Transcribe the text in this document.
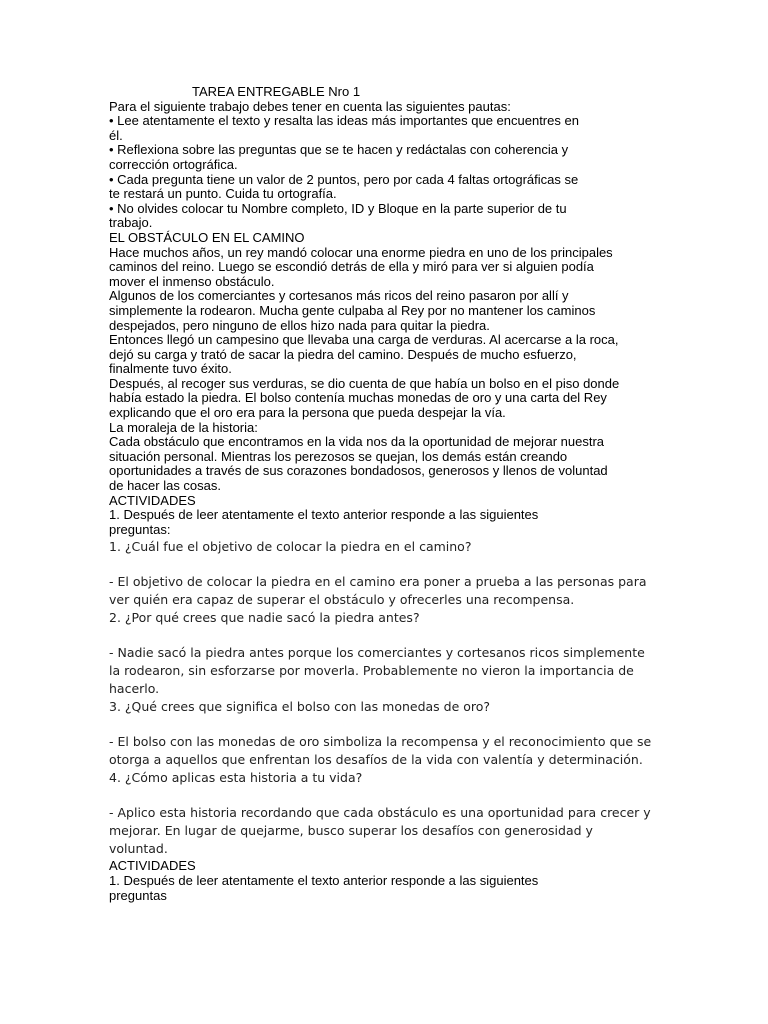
TAREA ENTREGABLE Nro 1

Para el siguiente trabajo debes tener en cuenta las siguientes pautas:

• Lee atentamente el texto y resalta las ideas más importantes que encuentres en

él.

• Reflexiona sobre las preguntas que se te hacen y redáctalas con coherencia y

corrección ortográfica.

• Cada pregunta tiene un valor de 2 puntos, pero por cada 4 faltas ortográficas se

te restará un punto. Cuida tu ortografía.

• No olvides colocar tu Nombre completo, ID y Bloque en la parte superior de tu

trabajo.

EL OBSTÁCULO EN EL CAMINO

Hace muchos años, un rey mandó colocar una enorme piedra en uno de los principales

caminos del reino. Luego se escondió detrás de ella y miró para ver si alguien podía

mover el inmenso obstáculo.

Algunos de los comerciantes y cortesanos más ricos del reino pasaron por allí y

simplemente la rodearon. Mucha gente culpaba al Rey por no mantener los caminos

despejados, pero ninguno de ellos hizo nada para quitar la piedra.

Entonces llegó un campesino que llevaba una carga de verduras. Al acercarse a la roca,

dejó su carga y trató de sacar la piedra del camino. Después de mucho esfuerzo,

finalmente tuvo éxito.

Después, al recoger sus verduras, se dio cuenta de que había un bolso en el piso donde

había estado la piedra. El bolso contenía muchas monedas de oro y una carta del Rey

explicando que el oro era para la persona que pueda despejar la vía.

La moraleja de la historia:

Cada obstáculo que encontramos en la vida nos da la oportunidad de mejorar nuestra

situación personal. Mientras los perezosos se quejan, los demás están creando

oportunidades a través de sus corazones bondadosos, generosos y llenos de voluntad

de hacer las cosas.

ACTIVIDADES

1. Después de leer atentamente el texto anterior responde a las siguientes

preguntas:

1. ¿Cuál fue el objetivo de colocar la piedra en el camino?

- El objetivo de colocar la piedra en el camino era poner a prueba a las personas para

ver quién era capaz de superar el obstáculo y ofrecerles una recompensa.

2. ¿Por qué crees que nadie sacó la piedra antes?

- Nadie sacó la piedra antes porque los comerciantes y cortesanos ricos simplemente

la rodearon, sin esforzarse por moverla. Probablemente no vieron la importancia de

hacerlo.

3. ¿Qué crees que significa el bolso con las monedas de oro?

- El bolso con las monedas de oro simboliza la recompensa y el reconocimiento que se

otorga a aquellos que enfrentan los desafíos de la vida con valentía y determinación.

4. ¿Cómo aplicas esta historia a tu vida?

- Aplico esta historia recordando que cada obstáculo es una oportunidad para crecer y

mejorar. En lugar de quejarme, busco superar los desafíos con generosidad y

voluntad.

ACTIVIDADES

1. Después de leer atentamente el texto anterior responde a las siguientes

preguntas
